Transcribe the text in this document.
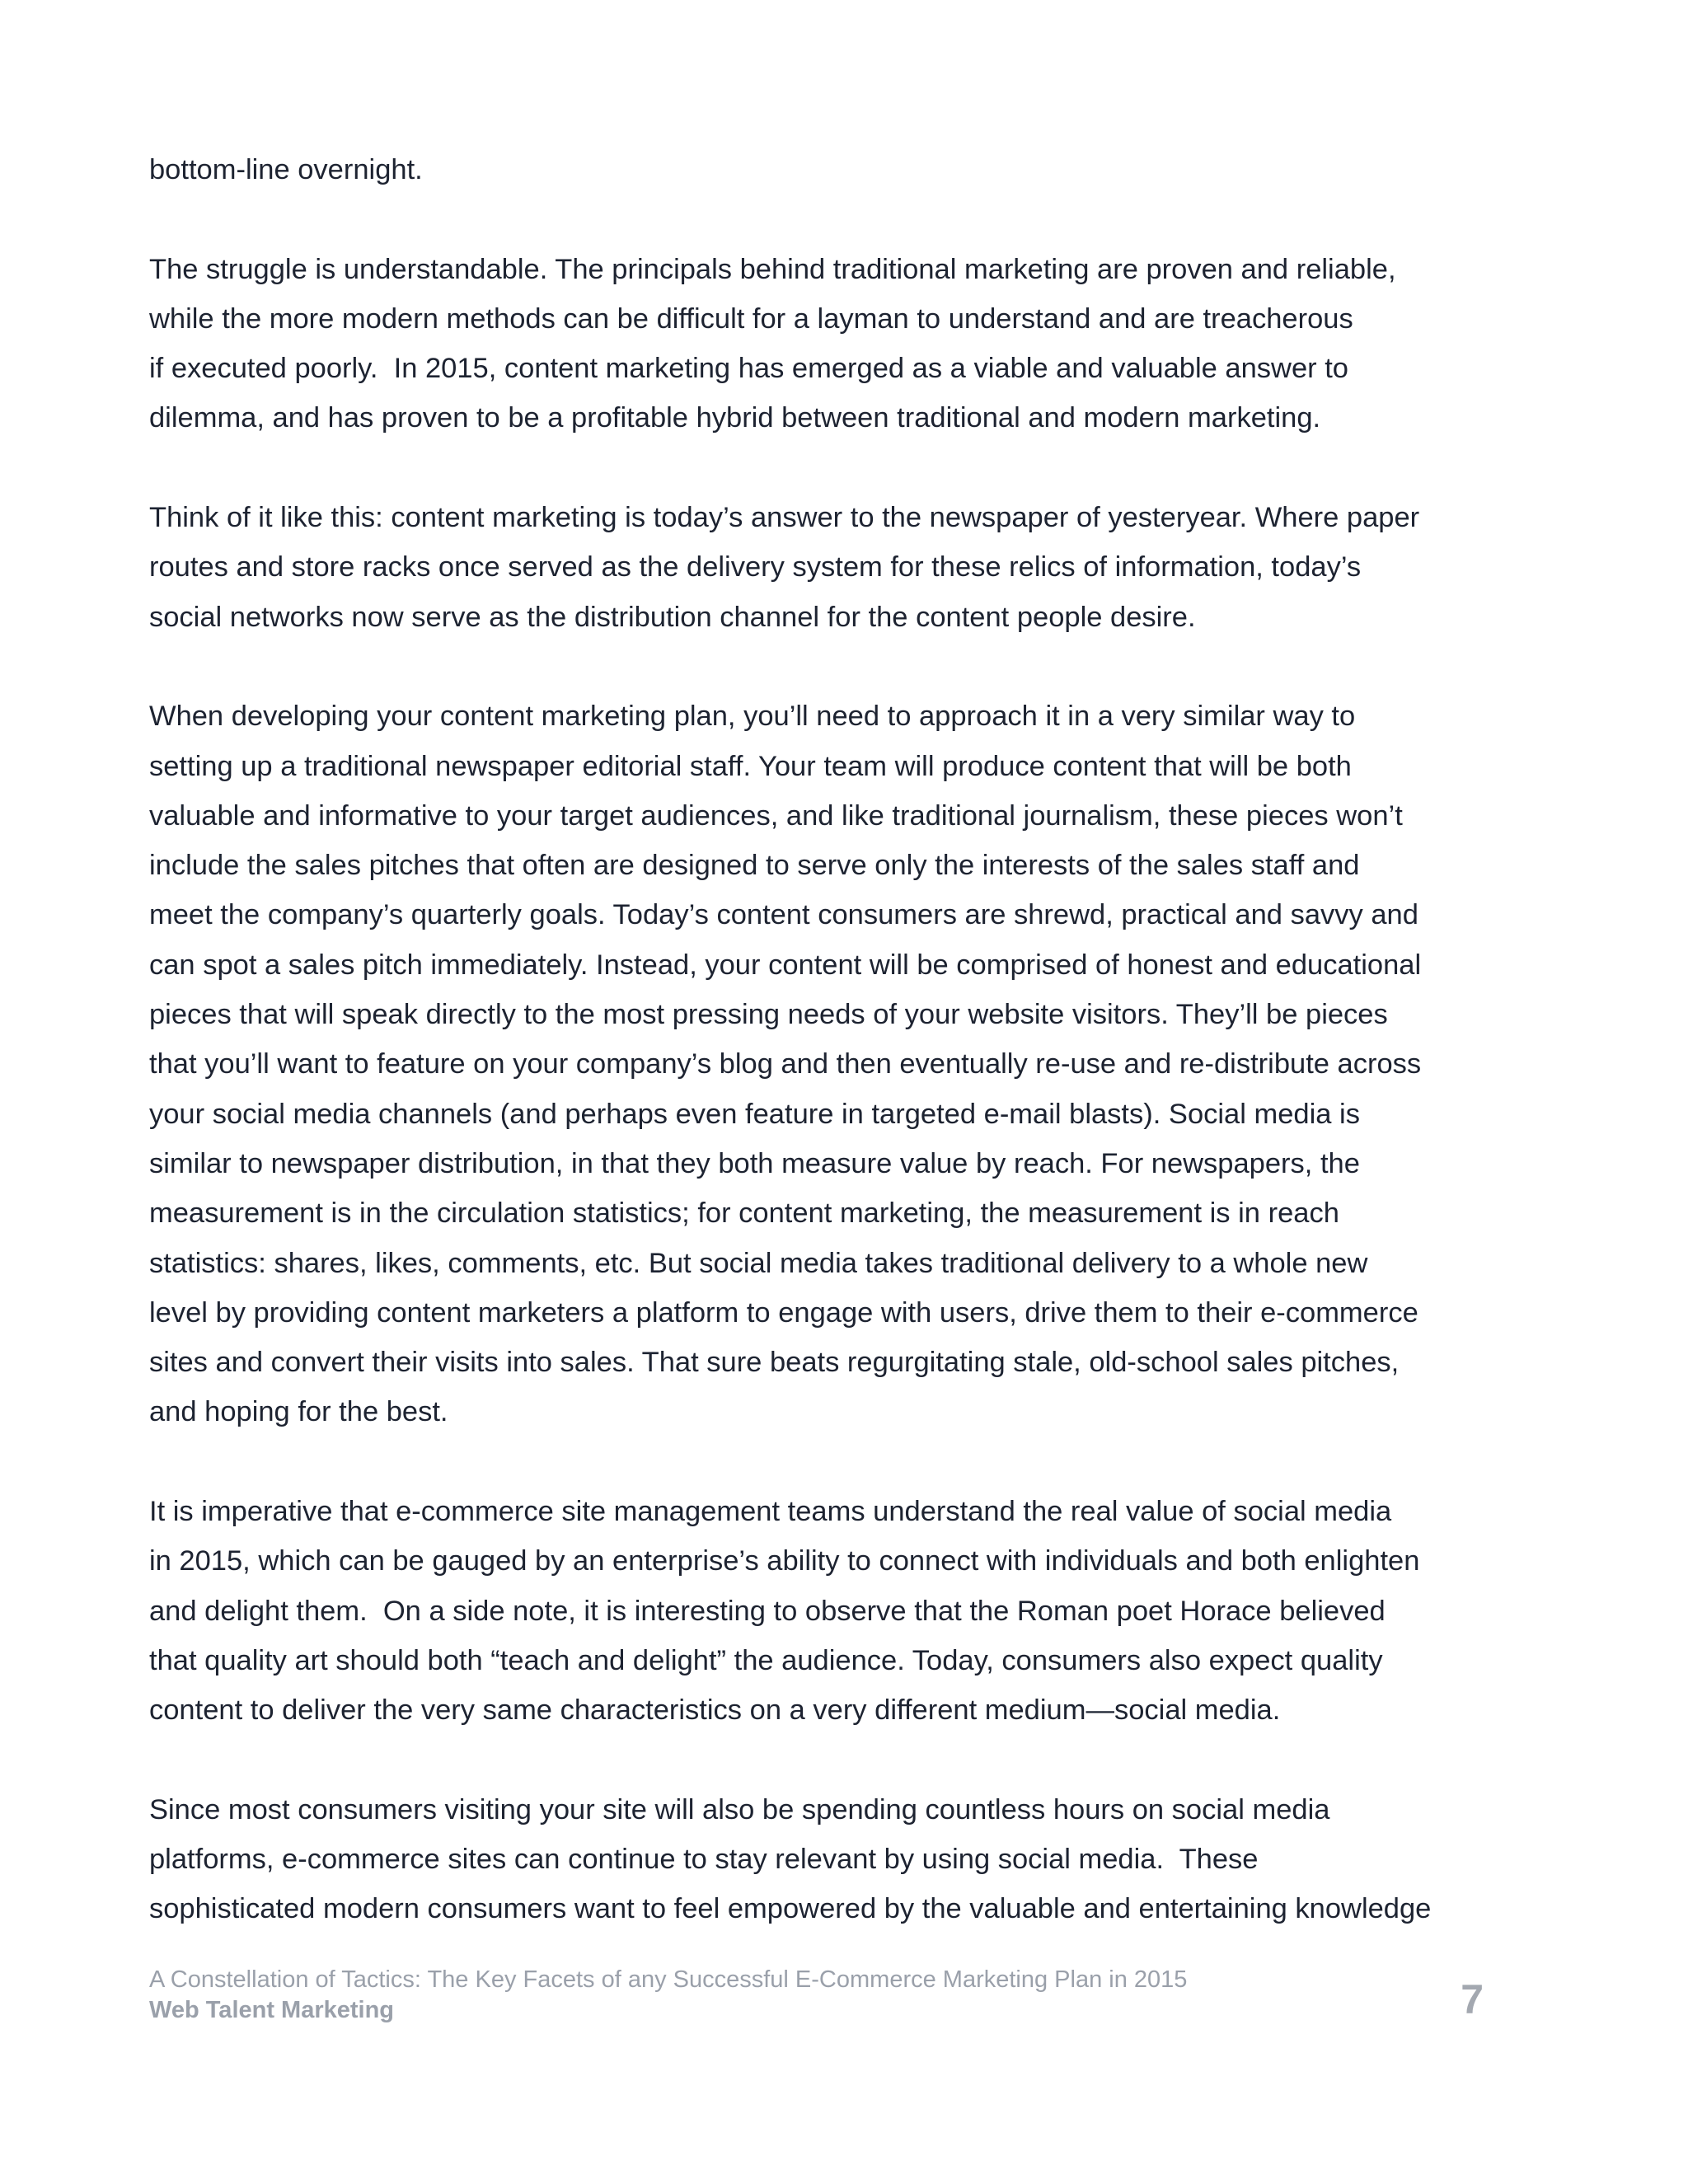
bottom-line overnight.
The struggle is understandable. The principals behind traditional marketing are proven and reliable,
while the more modern methods can be difficult for a layman to understand and are treacherous
if executed poorly.  In 2015, content marketing has emerged as a viable and valuable answer to
dilemma, and has proven to be a profitable hybrid between traditional and modern marketing.
Think of it like this: content marketing is today’s answer to the newspaper of yesteryear. Where paper
routes and store racks once served as the delivery system for these relics of information, today’s
social networks now serve as the distribution channel for the content people desire.
When developing your content marketing plan, you’ll need to approach it in a very similar way to
setting up a traditional newspaper editorial staff. Your team will produce content that will be both
valuable and informative to your target audiences, and like traditional journalism, these pieces won’t
include the sales pitches that often are designed to serve only the interests of the sales staff and
meet the company’s quarterly goals. Today’s content consumers are shrewd, practical and savvy and
can spot a sales pitch immediately. Instead, your content will be comprised of honest and educational
pieces that will speak directly to the most pressing needs of your website visitors. They’ll be pieces
that you’ll want to feature on your company’s blog and then eventually re-use and re-distribute across
your social media channels (and perhaps even feature in targeted e-mail blasts). Social media is
similar to newspaper distribution, in that they both measure value by reach. For newspapers, the
measurement is in the circulation statistics; for content marketing, the measurement is in reach
statistics: shares, likes, comments, etc. But social media takes traditional delivery to a whole new
level by providing content marketers a platform to engage with users, drive them to their e-commerce
sites and convert their visits into sales. That sure beats regurgitating stale, old-school sales pitches,
and hoping for the best.
It is imperative that e-commerce site management teams understand the real value of social media
in 2015, which can be gauged by an enterprise’s ability to connect with individuals and both enlighten
and delight them.  On a side note, it is interesting to observe that the Roman poet Horace believed
that quality art should both “teach and delight” the audience. Today, consumers also expect quality
content to deliver the very same characteristics on a very different medium—social media.
Since most consumers visiting your site will also be spending countless hours on social media
platforms, e-commerce sites can continue to stay relevant by using social media.  These
sophisticated modern consumers want to feel empowered by the valuable and entertaining knowledge
A Constellation of Tactics: The Key Facets of any Successful E-Commerce Marketing Plan in 2015
Web Talent Marketing	7
